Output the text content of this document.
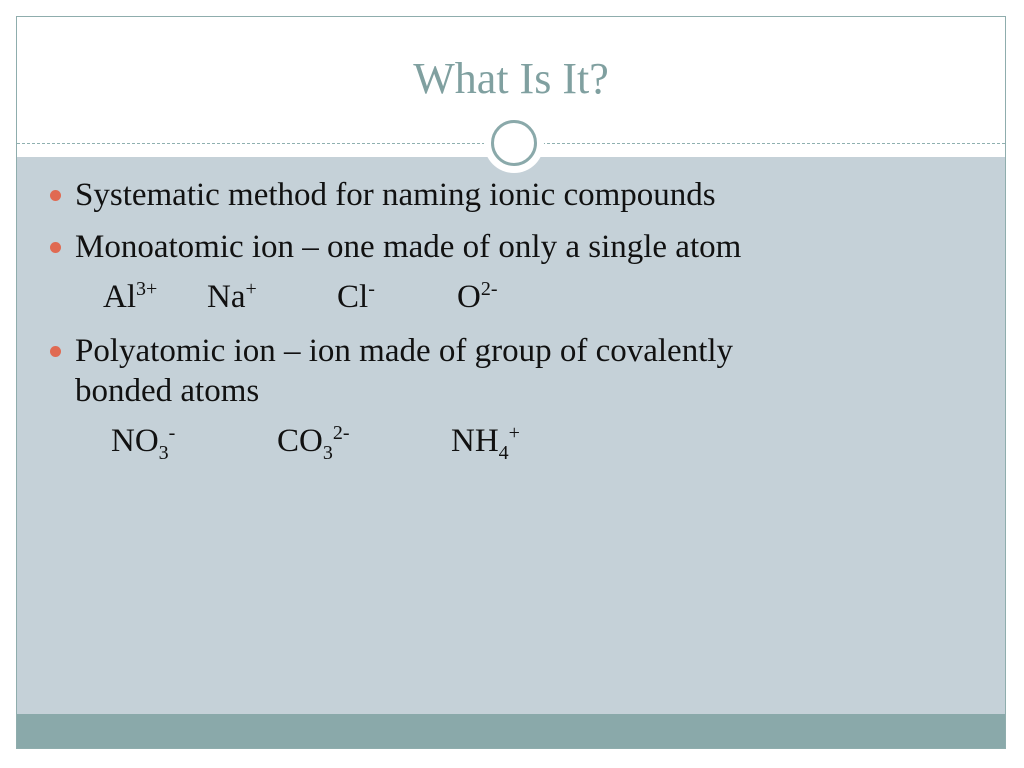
What Is It?
Systematic method for naming ionic compounds
Monoatomic ion – one made of only a single atom
$Al^{3+}$ Na+ Cl- $O^{2-}$
Polyatomic ion – ion made of group of covalently
bonded atoms
$NO_3^-$	$CO_3^{2-}$	$NH_4^+$
